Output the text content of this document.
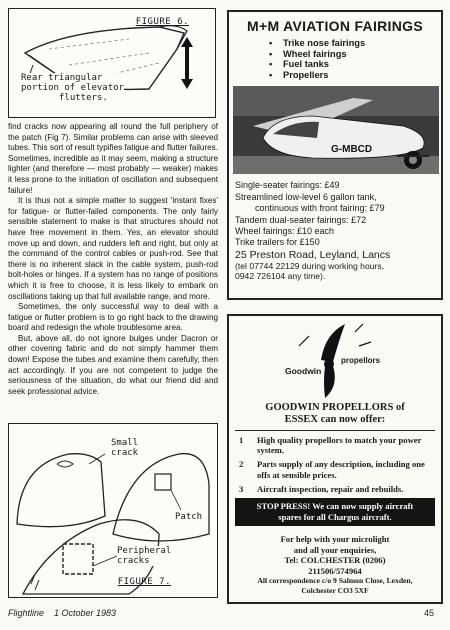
FIGURE 6.
Rear triangular
portion of elevator
flutters.

find cracks now appearing all round the full periphery of the patch (Fig 7). Similar problems can arise with sleeved tubes. This sort of result typifies fatigue and flutter failures. Sometimes, incredible as it may seem, making a structure lighter (and therefore — most probably — weaker) makes it less prone to the initiation of oscillation and subsequent failure!

It is thus not a simple matter to suggest 'instant fixes' for fatigue- or flutter-failed components. The only fairly sensible statement to make is that structures should not have free movement in them. Yes, an elevator should move up and down, and rudders left and right, but only at the command of the control cables or push-rod. See that there is no inherent slack in the cable system, push-rod bolt-holes or hinges. If a system has no range of positions which it is free to choose, it is less likely to embark on oscillations taking up that full available range, and more.

Sometimes, the only successful way to deal with a fatigue or flutter problem is to go right back to the drawing board and redesign the whole troublesome area.

But, above all, do not ignore bulges under Dacron or other covering fabric and do not simply hammer them down! Expose the tubes and examine them carefully, then act accordingly. If you are not competent to judge the seriousness of the situation, do what our friend did and seek professional advice.

Small
crack
Patch
Peripheral
cracks
FIGURE 7.
M+M AVIATION FAIRINGS
• Trike nose fairings
• Wheel fairings
• Fuel tanks
• Propellers
G-MBCD
Single-seater fairings: £49
Streamlined low-level 6 gallon tank,
continuous with front fairing: £79
Tandem dual-seater fairings: £72
Wheel fairings: £10 each
Trike trailers for £150
25 Preston Road, Leyland, Lancs
(tel 07744 22129 during working hours,
0942 726104 any time).
Goodwin
propellors
GOODWIN PROPELLORS of
ESSEX can now offer:
1	High quality propellors to match your power system.
2	Parts supply of any description, including one offs at sensible prices.
3	Aircraft inspection, repair and rebuilds.
STOP PRESS! We can now supply aircraft
spares for all Chargus aircraft.
For help with your microlight
and all your enquiries,
Tel: COLCHESTER (0206)
211506/574964
All correspondence c/o 9 Salmon Close, Lexden,
Colchester CO3 5XF
Flightline    1 October 1983	45
